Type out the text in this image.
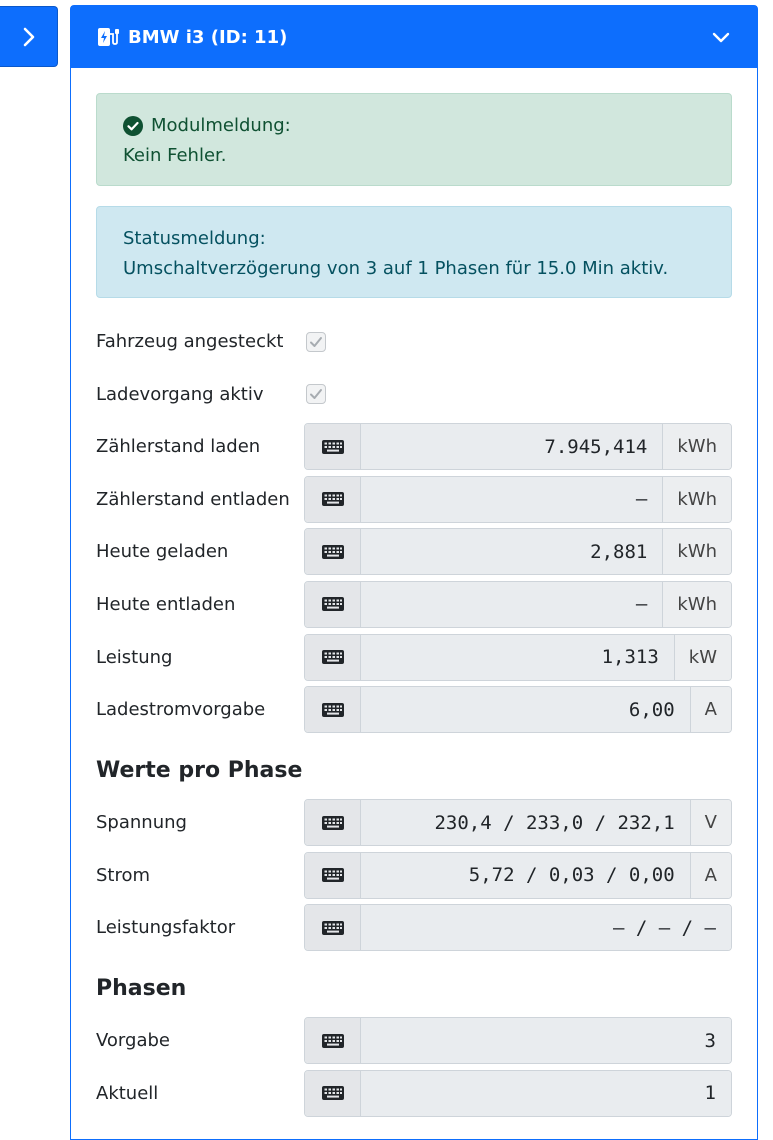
BMW i3 (ID: 11)
Modulmeldung:
Kein Fehler.
Statusmeldung:
Umschaltverzögerung von 3 auf 1 Phasen für 15.0 Min aktiv.
Fahrzeug angesteckt
Ladevorgang aktiv
Zählerstand laden	7.945,414	kWh
Zählerstand entladen	–	kWh
Heute geladen	2,881	kWh
Heute entladen	–	kWh
Leistung	1,313	kW
Ladestromvorgabe	6,00	A
Werte pro Phase
Spannung	230,4 / 233,0 / 232,1	V
Strom	5,72 / 0,03 / 0,00	A
Leistungsfaktor	– / – / –
Phasen
Vorgabe	3
Aktuell	1
